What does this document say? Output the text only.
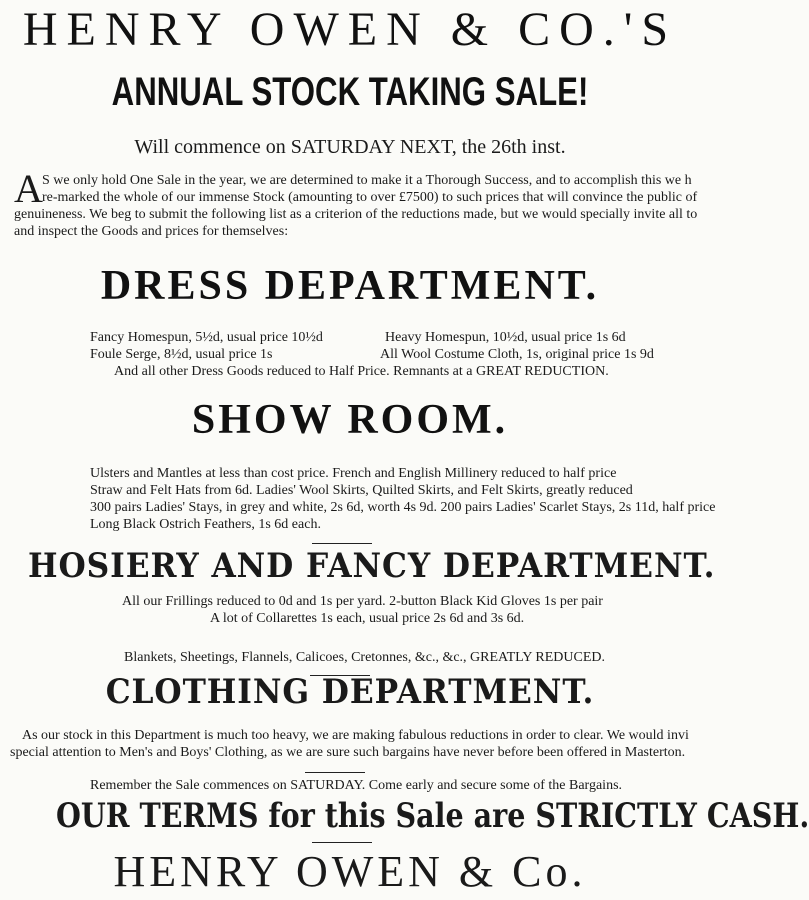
HENRY OWEN & CO.'S
ANNUAL STOCK TAKING SALE!
Will commence on SATURDAY NEXT, the 26th inst.
A S we only hold One Sale in the year, we are determined to make it a Thorough Success, and to accomplish this we h
re-marked the whole of our immense Stock (amounting to over £7500) to such prices that will convince the public of
genuineness. We beg to submit the following list as a criterion of the reductions made, but we would specially invite all to
and inspect the Goods and prices for themselves:
DRESS DEPARTMENT.
Fancy Homespun, 5½d, usual price 10½d	Heavy Homespun, 10½d, usual price 1s 6d
Foule Serge, 8½d, usual price 1s	All Wool Costume Cloth, 1s, original price 1s 9d
And all other Dress Goods reduced to Half Price. Remnants at a GREAT REDUCTION.
SHOW ROOM.
Ulsters and Mantles at less than cost price. French and English Millinery reduced to half price
Straw and Felt Hats from 6d. Ladies' Wool Skirts, Quilted Skirts, and Felt Skirts, greatly reduced
300 pairs Ladies' Stays, in grey and white, 2s 6d, worth 4s 9d. 200 pairs Ladies' Scarlet Stays, 2s 11d, half price
Long Black Ostrich Feathers, 1s 6d each.
HOSIERY AND FANCY DEPARTMENT.
All our Frillings reduced to 0d and 1s per yard. 2-button Black Kid Gloves 1s per pair
A lot of Collarettes 1s each, usual price 2s 6d and 3s 6d.
Blankets, Sheetings, Flannels, Calicoes, Cretonnes, &c., &c., GREATLY REDUCED.
CLOTHING DEPARTMENT.
As our stock in this Department is much too heavy, we are making fabulous reductions in order to clear. We would invi
special attention to Men's and Boys' Clothing, as we are sure such bargains have never before been offered in Masterton.
Remember the Sale commences on SATURDAY. Come early and secure some of the Bargains.
OUR TERMS for this Sale are STRICTLY CASH.
HENRY OWEN & Co.
